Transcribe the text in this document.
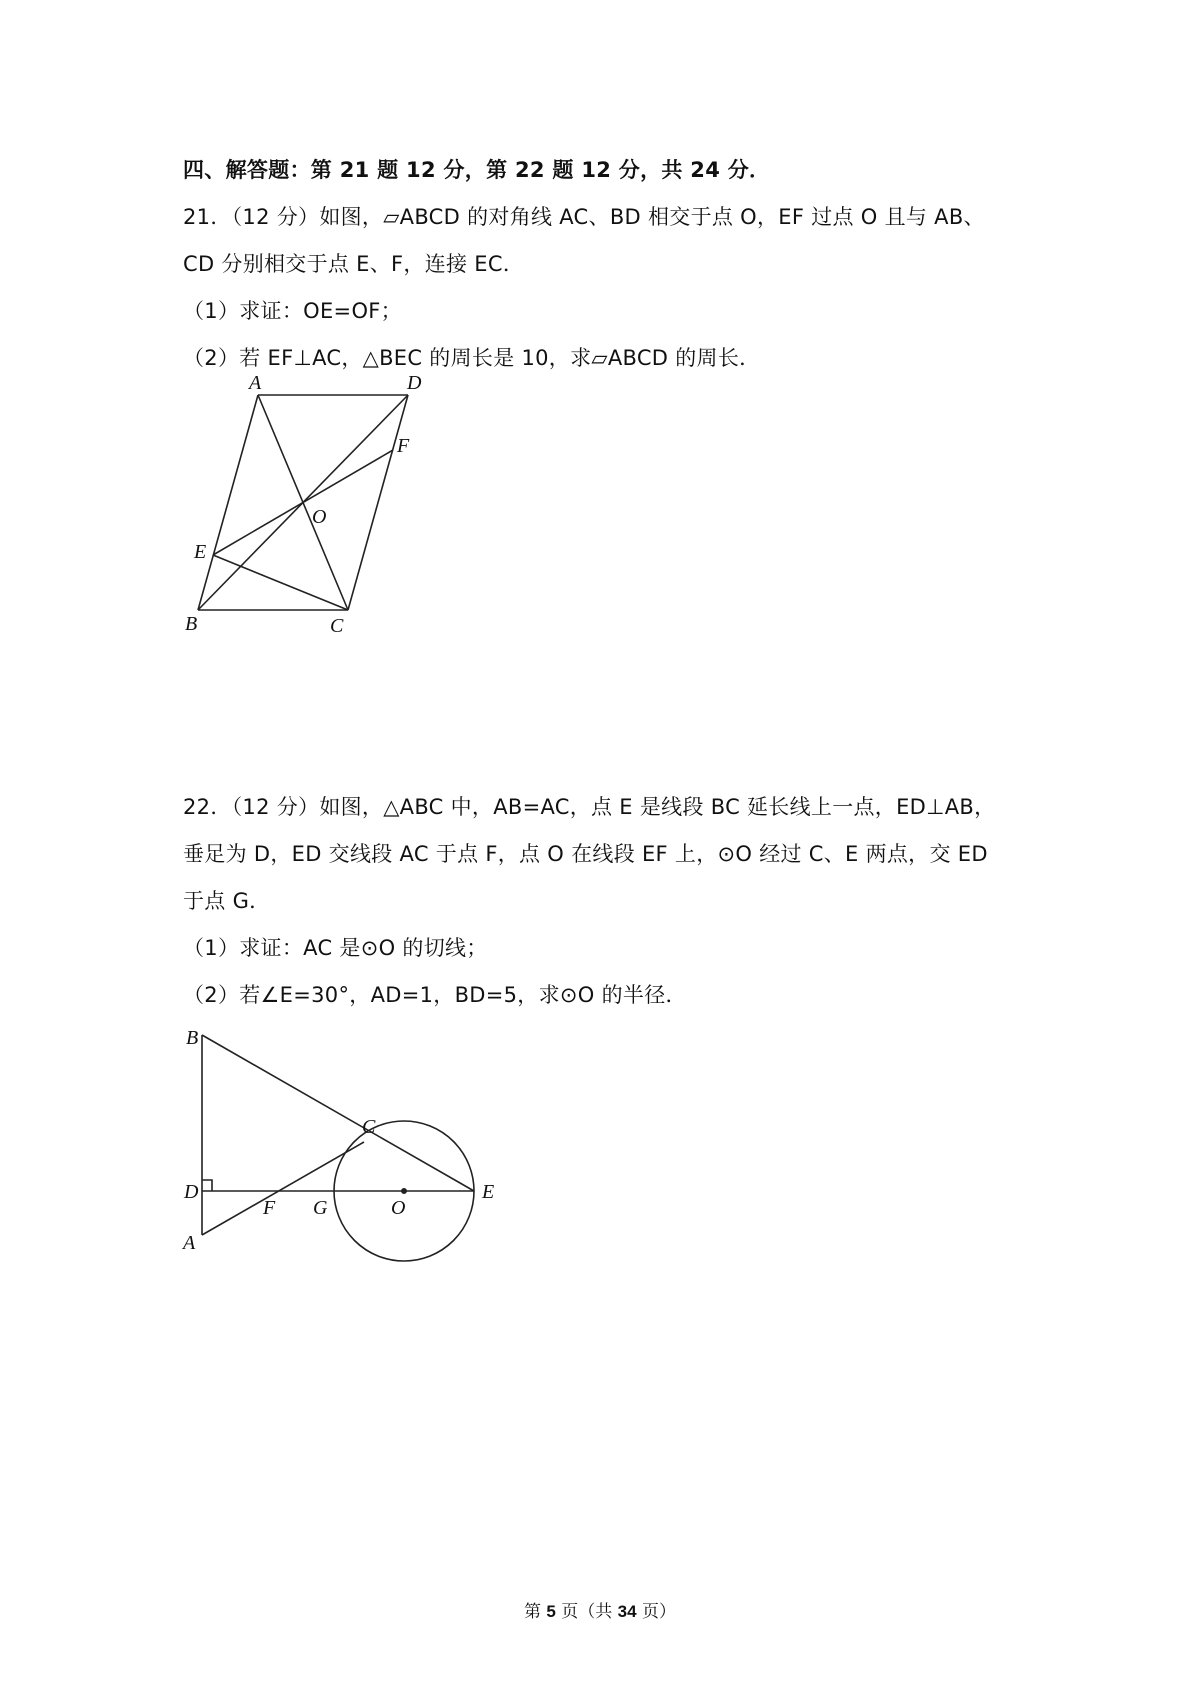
四、解答题：第 21 题 12 分，第 22 题 12 分，共 24 分．
21．（12 分）如图，▱ABCD 的对角线 AC、BD 相交于点 O，EF 过点 O 且与 AB、
CD 分别相交于点 E、F，连接 EC．
（1）求证：OE=OF；
（2）若 EF⊥AC，△BEC 的周长是 10，求▱ABCD 的周长．
A	D
F
O
E
B	C
22．（12 分）如图，△ABC 中，AB=AC，点 E 是线段 BC 延长线上一点，ED⊥AB，
垂足为 D，ED 交线段 AC 于点 F，点 O 在线段 EF 上，⊙O 经过 C、E 两点，交 ED
于点 G．
（1）求证：AC 是⊙O 的切线；
（2）若∠E=30°，AD=1，BD=5，求⊙O 的半径．
B
C
D
F G	O
E
A
第 5 页（共 34 页）
